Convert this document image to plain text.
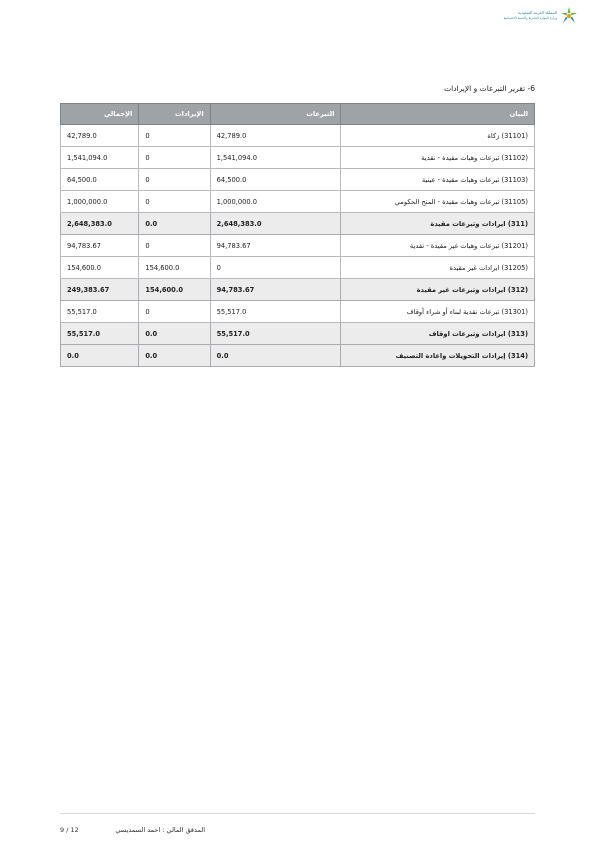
المملكة العربية السعودية
وزارة الموارد البشرية والتنمية الاجتماعية
6- تقرير التبرعات و الإيرادات
البيان	التبرعات	الإيرادات	الإجمالي
(31101) زكاة	42,789.0	0	42,789.0
(31102) تبرعات وهبات مقيدة - نقدية	1,541,094.0	0	1,541,094.0
(31103) تبرعات وهبات مقيدة - عينية	64,500.0	0	64,500.0
(31105) تبرعات وهبات مقيدة - المنح الحكومي	1,000,000.0	0	1,000,000.0
(311) ايرادات وتبرعات مقيدة	2,648,383.0	0.0	2,648,383.0
(31201) تبرعات وهبات غير مقيدة - نقدية	94,783.67	0	94,783.67
(31205) ايرادات غير مقيدة	0	154,600.0	154,600.0
(312) ايرادات وتبرعات غير مقيدة	94,783.67	154,600.0	249,383.67
(31301) تبرعات نقدية لبناء أو شراء أوقاف	55,517.0	0	55,517.0
(313) ايرادات وتبرعات اوقاف	55,517.0	0.0	55,517.0
(314) إيرادات التحويلات واعادة التصنيف	0.0	0.0	0.0
المدقق المالي : احمد السمديسي
9 / 12
